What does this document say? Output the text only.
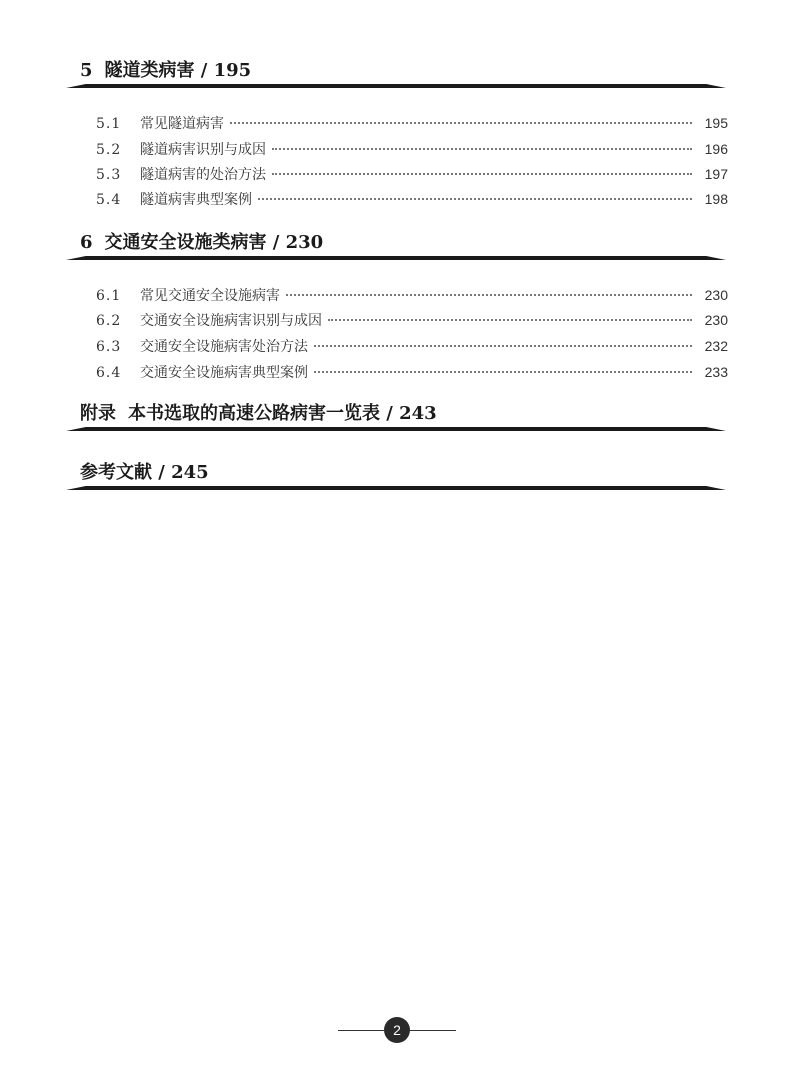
5 隧道类病害 / 195
5.1	常见隧道病害	195
5.2	隧道病害识别与成因	196
5.3	隧道病害的处治方法	197
5.4	隧道病害典型案例	198
6 交通安全设施类病害 / 230
6.1	常见交通安全设施病害	230
6.2	交通安全设施病害识别与成因	230
6.3	交通安全设施病害处治方法	232
6.4	交通安全设施病害典型案例	233
附录 本书选取的高速公路病害一览表 / 243
参考文献 / 245
2
